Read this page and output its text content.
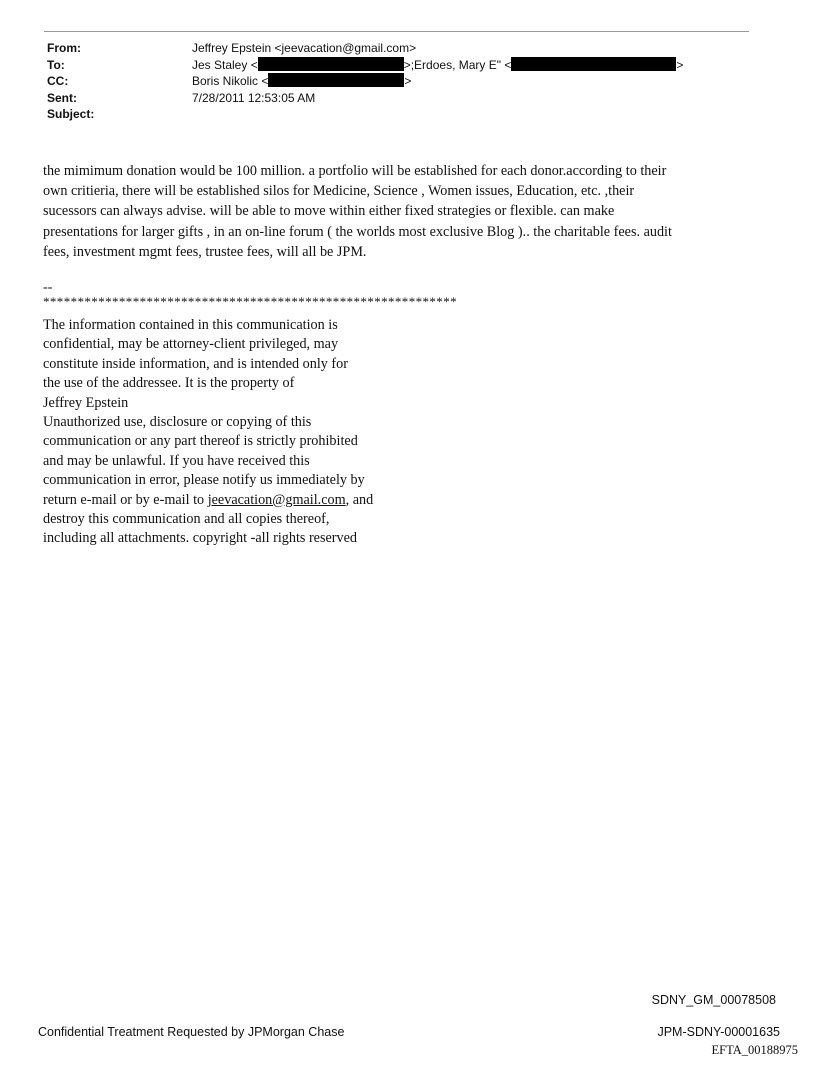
From:	Jeffrey Epstein <jeevacation@gmail.com>
To:	Jes Staley <	>;Erdoes, Mary E" <	>
CC:	Boris Nikolic <	>
Sent:	7/28/2011 12:53:05 AM
Subject:

the mimimum donation would be 100 million. a portfolio will be established for each donor.according to their

own critieria, there will be established silos for Medicine, Science , Women issues, Education, etc. ,their

sucessors can always advise. will be able to move within either fixed strategies or flexible. can make

presentations for larger gifts , in an on-line forum ( the worlds most exclusive Blog ).. the charitable fees. audit

fees, investment mgmt fees, trustee fees, will all be JPM.

--
************************************************************
The information contained in this communication is
confidential, may be attorney-client privileged, may
constitute inside information, and is intended only for
the use of the addressee. It is the property of
Jeffrey Epstein
Unauthorized use, disclosure or copying of this
communication or any part thereof is strictly prohibited
and may be unlawful. If you have received this
communication in error, please notify us immediately by
return e-mail or by e-mail to jeevacation@gmail.com, and
destroy this communication and all copies thereof,
including all attachments. copyright -all rights reserved
SDNY_GM_00078508
Confidential Treatment Requested by JPMorgan Chase	JPM-SDNY-00001635
EFTA_00188975
